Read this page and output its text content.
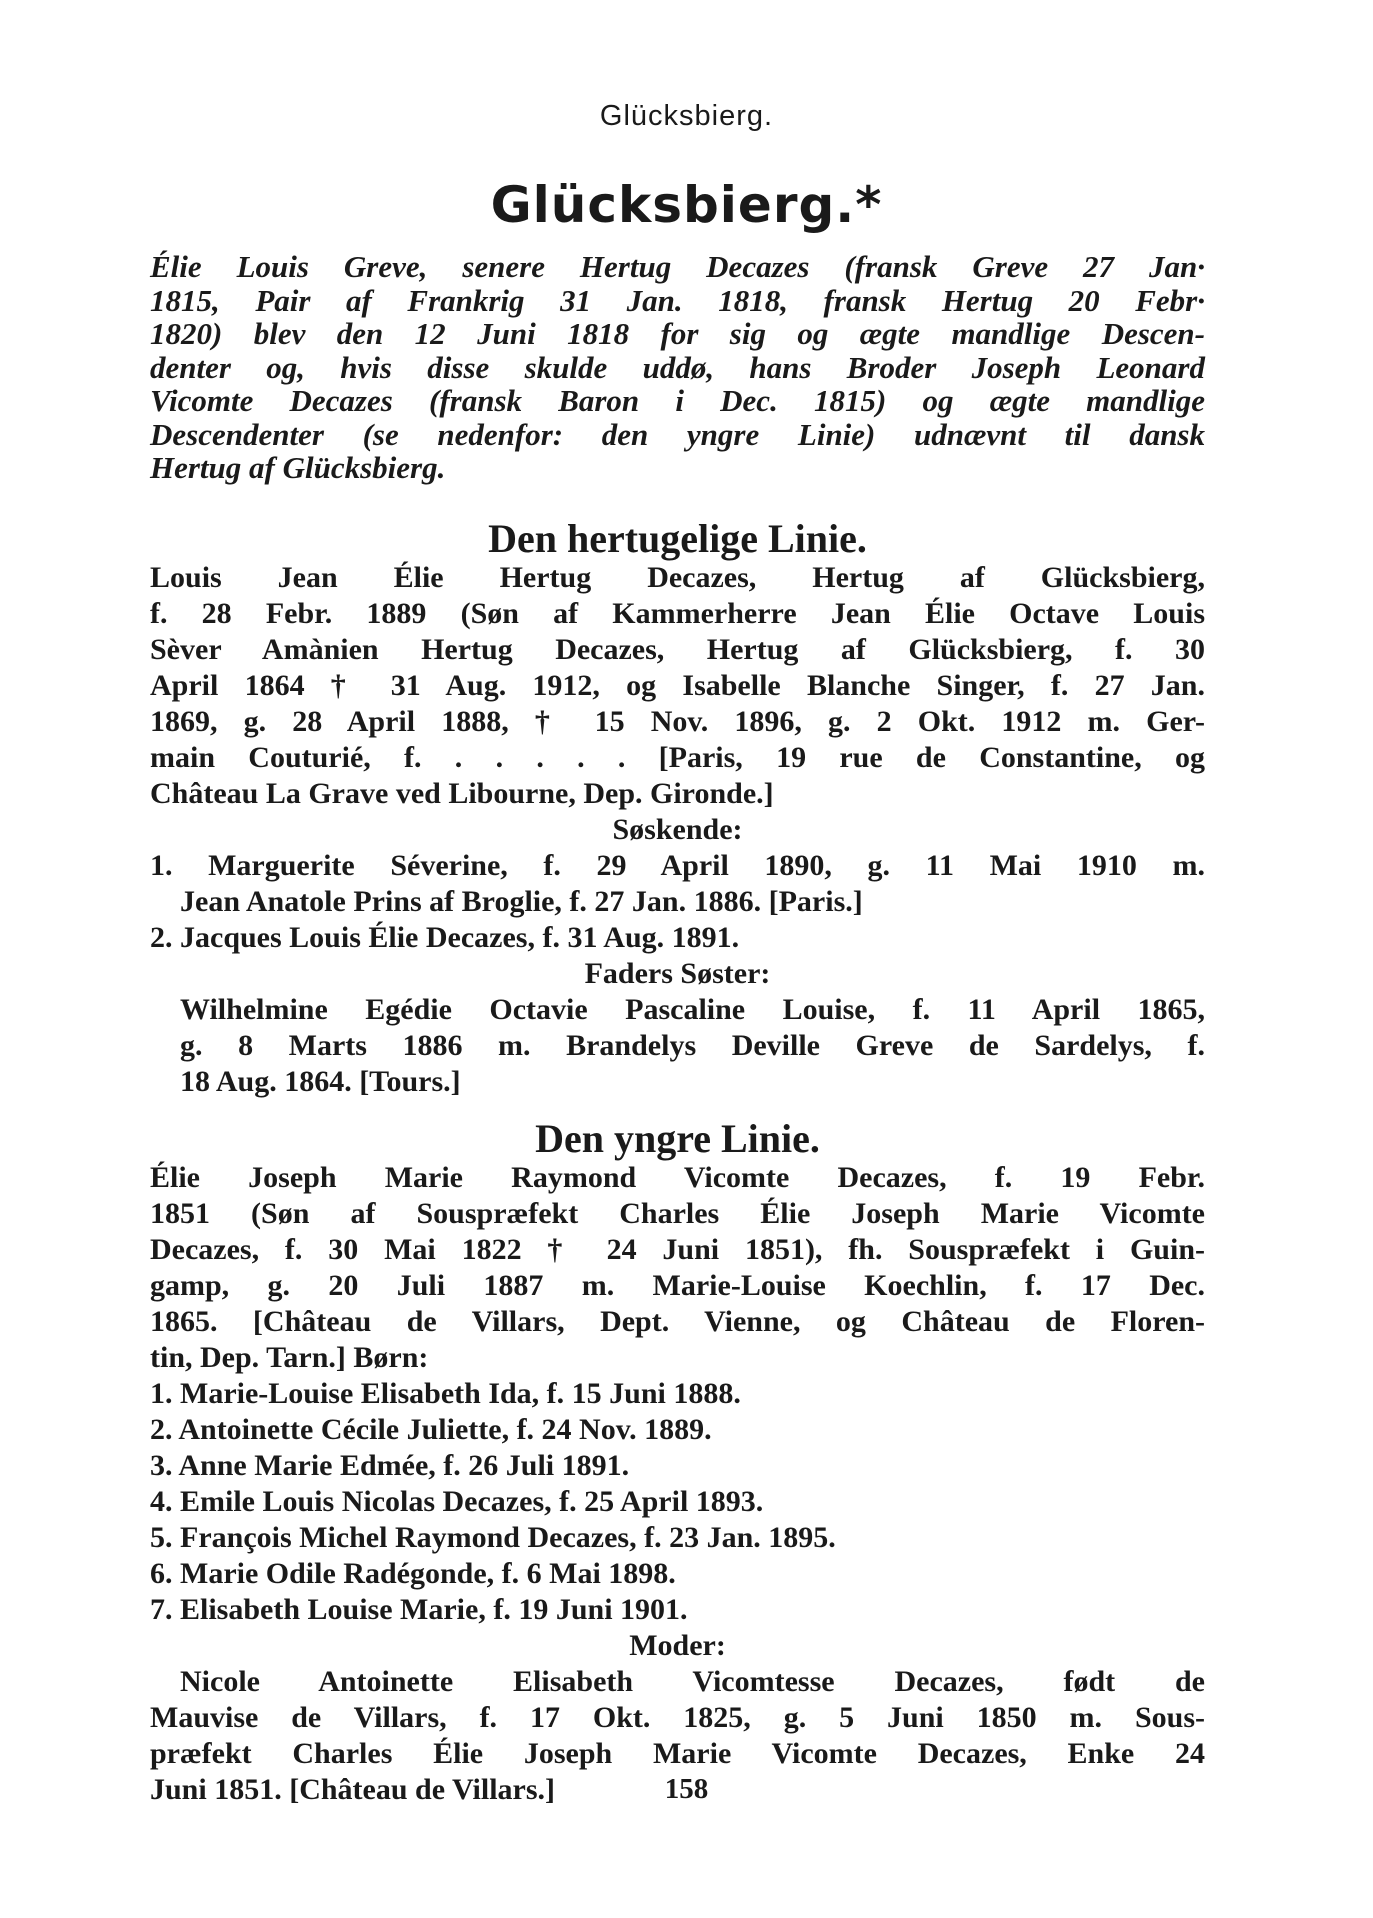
Glücksbierg.
Glücksbierg.*
Élie Louis Greve, senere Hertug Decazes (fransk Greve 27 Jan·
1815, Pair af Frankrig 31 Jan. 1818, fransk Hertug 20 Febr·
1820) blev den 12 Juni 1818 for sig og ægte mandlige Descen-
denter og, hvis disse skulde uddø, hans Broder Joseph Leonard
Vicomte Decazes (fransk Baron i Dec. 1815) og ægte mandlige
Descendenter (se nedenfor: den yngre Linie) udnævnt til dansk
Hertug af Glücksbierg.
Den hertugelige Linie.
Louis Jean Élie Hertug Decazes, Hertug af Glücksbierg,
f. 28 Febr. 1889 (Søn af Kammerherre Jean Élie Octave Louis
Sèver Amànien Hertug Decazes, Hertug af Glücksbierg, f. 30
April 1864 † 31 Aug. 1912, og Isabelle Blanche Singer, f. 27 Jan.
1869, g. 28 April 1888, † 15 Nov. 1896, g. 2 Okt. 1912 m. Ger-
main Couturié, f. . . . . . [Paris, 19 rue de Constantine, og
Château La Grave ved Libourne, Dep. Gironde.]
Søskende:
1. Marguerite Séverine, f. 29 April 1890, g. 11 Mai 1910 m.
Jean Anatole Prins af Broglie, f. 27 Jan. 1886. [Paris.]
2. Jacques Louis Élie Decazes, f. 31 Aug. 1891.
Faders Søster:
Wilhelmine Egédie Octavie Pascaline Louise, f. 11 April 1865,
g. 8 Marts 1886 m. Brandelys Deville Greve de Sardelys, f.
18 Aug. 1864. [Tours.]
Den yngre Linie.
Élie Joseph Marie Raymond Vicomte Decazes, f. 19 Febr.
1851 (Søn af Souspræfekt Charles Élie Joseph Marie Vicomte
Decazes, f. 30 Mai 1822 † 24 Juni 1851), fh. Souspræfekt i Guin-
gamp, g. 20 Juli 1887 m. Marie-Louise Koechlin, f. 17 Dec.
1865. [Château de Villars, Dept. Vienne, og Château de Floren-
tin, Dep. Tarn.] Børn:
1. Marie-Louise Elisabeth Ida, f. 15 Juni 1888.
2. Antoinette Cécile Juliette, f. 24 Nov. 1889.
3. Anne Marie Edmée, f. 26 Juli 1891.
4. Emile Louis Nicolas Decazes, f. 25 April 1893.
5. François Michel Raymond Decazes, f. 23 Jan. 1895.
6. Marie Odile Radégonde, f. 6 Mai 1898.
7. Elisabeth Louise Marie, f. 19 Juni 1901.
Moder:
Nicole Antoinette Elisabeth Vicomtesse Decazes, født de
Mauvise de Villars, f. 17 Okt. 1825, g. 5 Juni 1850 m. Sous-
præfekt Charles Élie Joseph Marie Vicomte Decazes, Enke 24
Juni 1851. [Château de Villars.]	158
